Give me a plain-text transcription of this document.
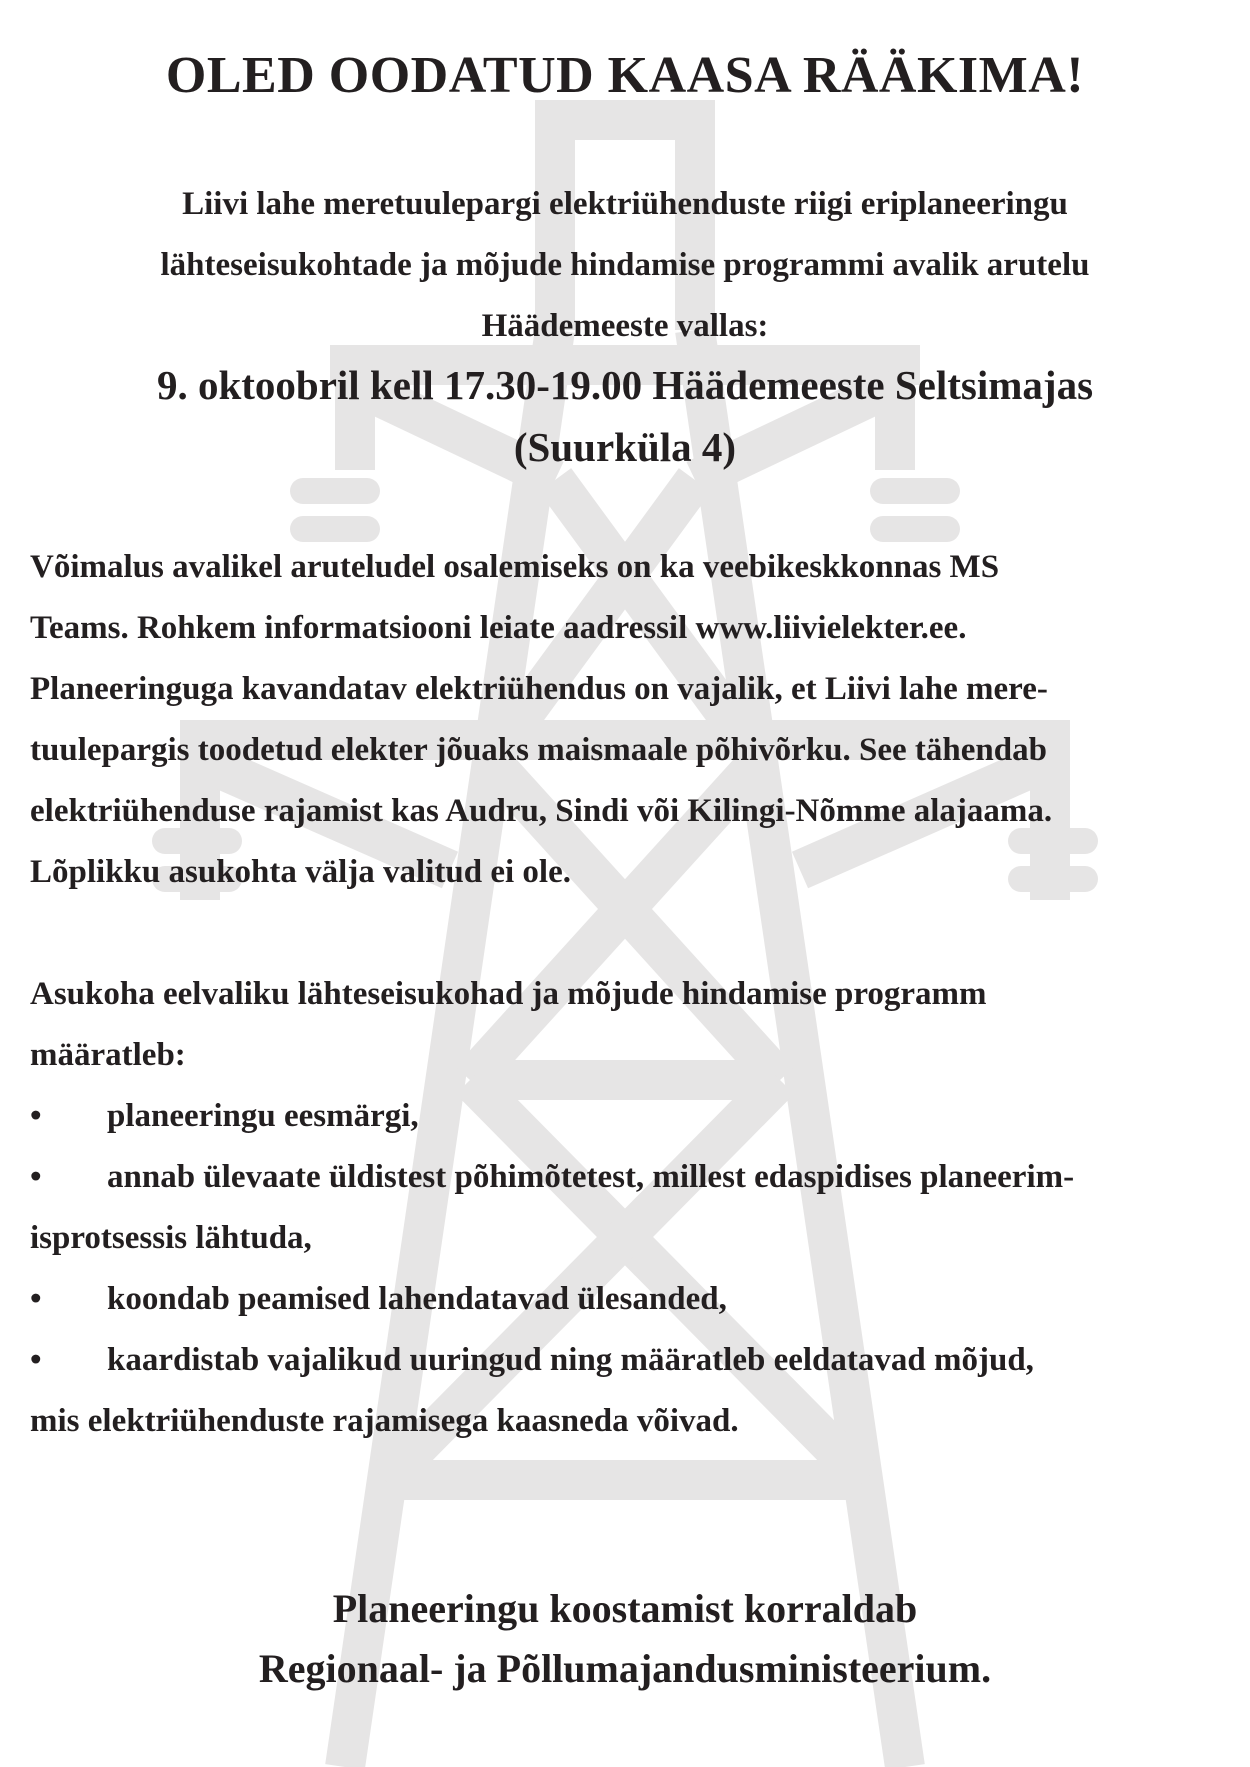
OLED OODATUD KAASA RÄÄKIMA!
Liivi lahe meretuulepargi elektriühenduste riigi eriplaneeringu
lähteseisukohtade ja mõjude hindamise programmi avalik arutelu
Häädemeeste vallas:
9. oktoobril kell 17.30-19.00 Häädemeeste Seltsimajas
(Suurküla 4)
Võimalus avalikel aruteludel osalemiseks on ka veebikeskkonnas MS
Teams. Rohkem informatsiooni leiate aadressil www.liivielekter.ee.
Planeeringuga kavandatav elektriühendus on vajalik, et Liivi lahe mere-
tuulepargis toodetud elekter jõuaks maismaale põhivõrku. See tähendab
elektriühenduse rajamist kas Audru, Sindi või Kilingi-Nõmme alajaama.
Lõplikku asukohta välja valitud ei ole.
Asukoha eelvaliku lähteseisukohad ja mõjude hindamise programm
määratleb:
• planeeringu eesmärgi,
• annab ülevaate üldistest põhimõtetest, millest edaspidises planeerim-
isprotsessis lähtuda,
• koondab peamised lahendatavad ülesanded,
• kaardistab vajalikud uuringud ning määratleb eeldatavad mõjud,
mis elektriühenduste rajamisega kaasneda võivad.
Planeeringu koostamist korraldab
Regionaal- ja Põllumajandusministeerium.
